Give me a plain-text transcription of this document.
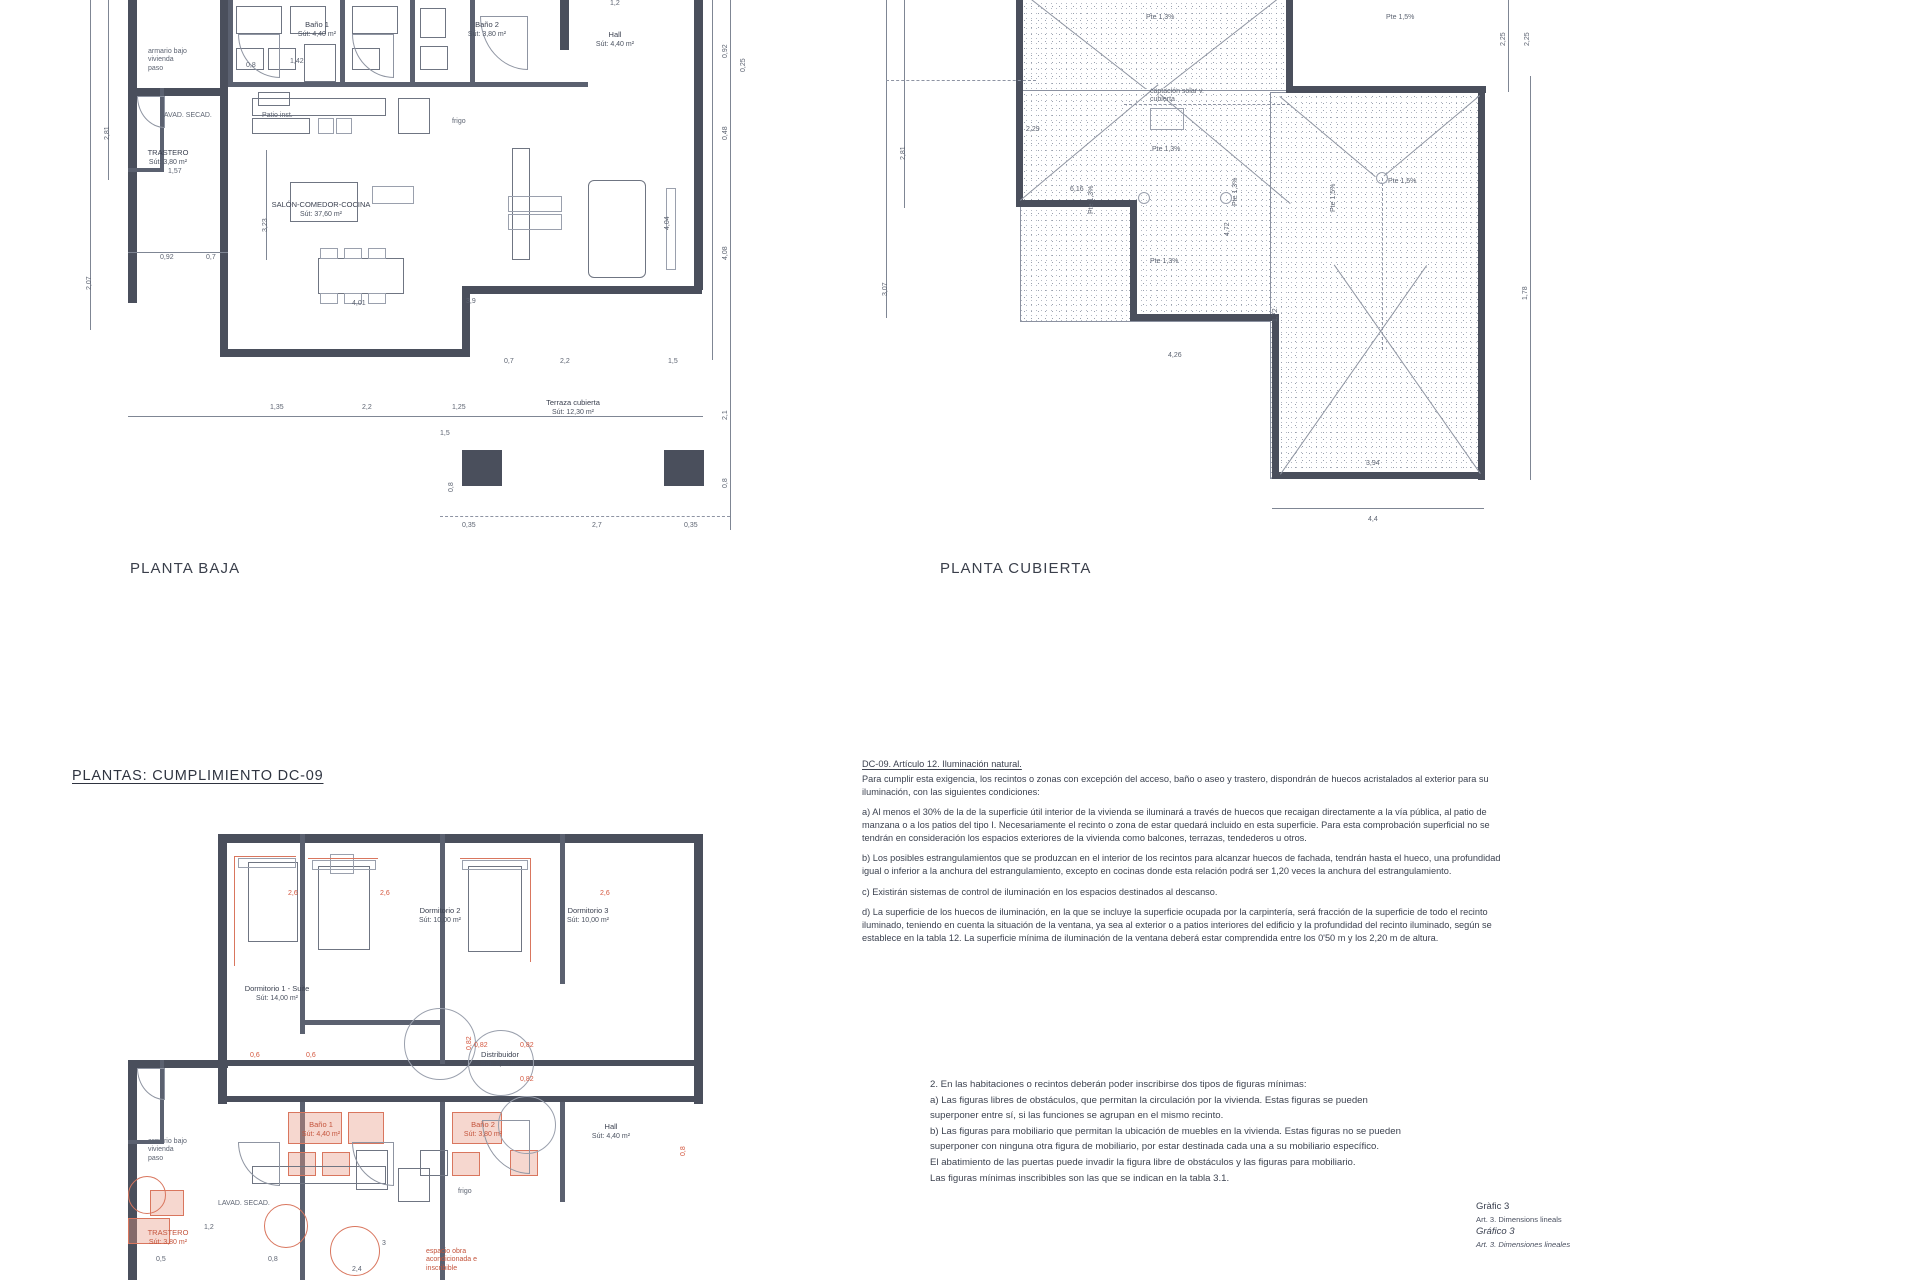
Baño 1
Sút: 4,40 m²
Baño 2
Sút: 3,80 m²	Hall
Sút: 4,40 m²
TRASTERO
Sút: 3,80 m²
SALÓN-COMEDOR-COCINA
Sút: 37,60 m²
Terraza cubierta
Sút: 12,30 m²
armario bajo vivienda paso
Patio inst.
LAVAD. SECAD.
frigo
2,81
2,07
0,92	0,7
1,35	2,2	1,25
1,5
3,23
4,01	3,9
0,7	2,2	1,5
0,35	2,7	0,35
1,57
1,42
0,8
0,92
0,25
0,48
4,04
4,08
2,1
0,8	0,8
1,2
PLANTA BAJA
captación solar v. cubierta
Pte 1,3%
Pte 1,3%
Pte 1,3%
Pte 1,3%	Pte 1,3%
Pte 1,5%
Pte 1,5%
Pte 1,5%
2,81
3,07
2,29
6,16
4,26
3,94
4,4
1,78
2,25
2,25
1,72
4,72
PLANTA CUBIERTA
PLANTAS: CUMPLIMIENTO DC-09
Dormitorio 1 - Suite
Sút: 14,00 m²
Dormitorio 2
Sút: 10,00 m²
Dormitorio 3
Sút: 10,00 m²
Distribuidor
Sút: 2,40 m²
Baño 1
Sút: 4,40 m²
Baño 2
Sút: 3,80 m²
Hall
Sút: 4,40 m²
TRASTERO
Sút: 3,80 m²
armario bajo vivienda paso
LAVAD. SECAD.
frigo
espacio obra acondicionada e inscribible
2,6	2,6	2,6
0,6	0,6
0,82	0,82
0,82
0,82
1,2
0,5
0,8
0,8
2,4
3
DC-09. Artículo 12. Iluminación natural.

Para cumplir esta exigencia, los recintos o zonas con excepción del acceso, baño o aseo y trastero, dispondrán de huecos acristalados al exterior para su iluminación, con las siguientes condiciones:

a) Al menos el 30% de la de la superficie útil interior de la vivienda se iluminará a través de huecos que recaigan directamente a la vía pública, al patio de manzana o a los patios del tipo I. Necesariamente el recinto o zona de estar quedará incluido en esta superficie. Para esta comprobación superficial no se tendrán en consideración los espacios exteriores de la vivienda como balcones, terrazas, tendederos u otros.

b) Los posibles estrangulamientos que se produzcan en el interior de los recintos para alcanzar huecos de fachada, tendrán hasta el hueco, una profundidad igual o inferior a la anchura del estrangulamiento, excepto en cocinas donde esta relación podrá ser 1,20 veces la anchura del estrangulamiento.

c) Existirán sistemas de control de iluminación en los espacios destinados al descanso.

d) La superficie de los huecos de iluminación, en la que se incluye la superficie ocupada por la carpintería, será fracción de la superficie de todo el recinto iluminado, teniendo en cuenta la situación de la ventana, ya sea al exterior o a patios interiores del edificio y la profundidad del recinto iluminado, según se establece en la tabla 12. La superficie mínima de iluminación de la ventana deberá estar comprendida entre los 0'50 m y los 2,20 m de altura.

2. En las habitaciones o recintos deberán poder inscribirse dos tipos de figuras mínimas:

a) Las figuras libres de obstáculos, que permitan la circulación por la vivienda. Estas figuras se pueden superponer entre sí, si las funciones se agrupan en el mismo recinto.

b) Las figuras para mobiliario que permitan la ubicación de muebles en la vivienda. Estas figuras no se pueden superponer con ninguna otra figura de mobiliario, por estar destinada cada una a su mobiliario específico.

El abatimiento de las puertas puede invadir la figura libre de obstáculos y las figuras para mobiliario.

Las figuras mínimas inscribibles son las que se indican en la tabla 3.1.

Gràfic 3
Art. 3. Dimensions lineals
Gráfico 3
Art. 3. Dimensiones lineales
